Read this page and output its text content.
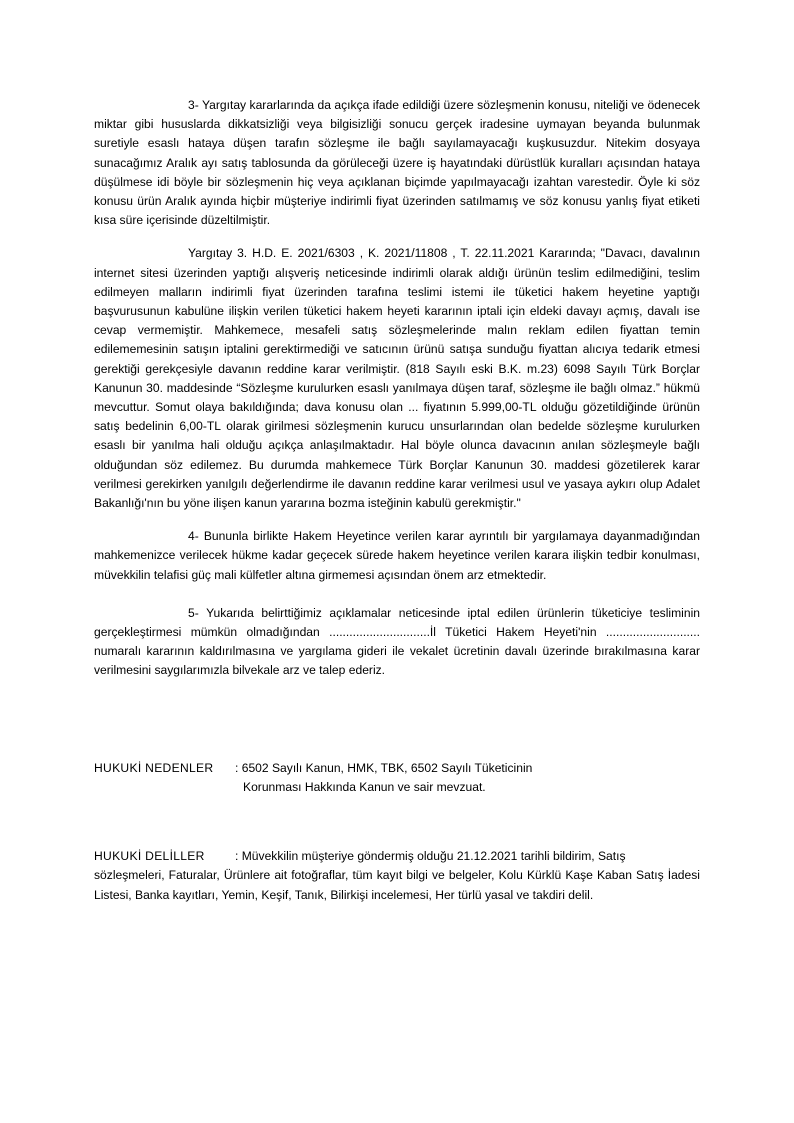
3- Yargıtay kararlarında da açıkça ifade edildiği üzere sözleşmenin konusu, niteliği ve ödenecek miktar gibi hususlarda dikkatsizliği veya bilgisizliği sonucu gerçek iradesine uymayan beyanda bulunmak suretiyle esaslı hataya düşen tarafın sözleşme ile bağlı sayılamayacağı kuşkusuzdur. Nitekim dosyaya sunacağımız Aralık ayı satış tablosunda da görüleceği üzere iş hayatındaki dürüstlük kuralları açısından hataya düşülmese idi böyle bir sözleşmenin hiç veya açıklanan biçimde yapılmayacağı izahtan varestedir. Öyle ki söz konusu ürün Aralık ayında hiçbir müşteriye indirimli fiyat üzerinden satılmamış ve söz konusu yanlış fiyat etiketi kısa süre içerisinde düzeltilmiştir.

Yargıtay 3. H.D. E. 2021/6303 , K. 2021/11808 , T. 22.11.2021 Kararında; "Davacı, davalının internet sitesi üzerinden yaptığı alışveriş neticesinde indirimli olarak aldığı ürünün teslim edilmediğini, teslim edilmeyen malların indirimli fiyat üzerinden tarafına teslimi istemi ile tüketici hakem heyetine yaptığı başvurusunun kabulüne ilişkin verilen tüketici hakem heyeti kararının iptali için eldeki davayı açmış, davalı ise cevap vermemiştir. Mahkemece, mesafeli satış sözleşmelerinde malın reklam edilen fiyattan temin edilememesinin satışın iptalini gerektirmediği ve satıcının ürünü satışa sunduğu fiyattan alıcıya tedarik etmesi gerektiği gerekçesiyle davanın reddine karar verilmiştir. (818 Sayılı eski B.K. m.23) 6098 Sayılı Türk Borçlar Kanunun 30. maddesinde “Sözleşme kurulurken esaslı yanılmaya düşen taraf, sözleşme ile bağlı olmaz.” hükmü mevcuttur. Somut olaya bakıldığında; dava konusu olan ... fiyatının 5.999,00-TL olduğu gözetildiğinde ürünün satış bedelinin 6,00-TL olarak girilmesi sözleşmenin kurucu unsurlarından olan bedelde sözleşme kurulurken esaslı bir yanılma hali olduğu açıkça anlaşılmaktadır. Hal böyle olunca davacının anılan sözleşmeyle bağlı olduğundan söz edilemez. Bu durumda mahkemece Türk Borçlar Kanunun 30. maddesi gözetilerek karar verilmesi gerekirken yanılgılı değerlendirme ile davanın reddine karar verilmesi usul ve yasaya aykırı olup Adalet Bakanlığı'nın bu yöne ilişen kanun yararına bozma isteğinin kabulü gerekmiştir."

4- Bununla birlikte Hakem Heyetince verilen karar ayrıntılı bir yargılamaya dayanmadığından mahkemenizce verilecek hükme kadar geçecek sürede hakem heyetince verilen karara ilişkin tedbir konulması, müvekkilin telafisi güç mali külfetler altına girmemesi açısından önem arz etmektedir.

5- Yukarıda belirttiğimiz açıklamalar neticesinde iptal edilen ürünlerin tüketiciye tesliminin gerçekleştirmesi mümkün olmadığından ..............................İl Tüketici Hakem Heyeti'nin ............................ numaralı kararının kaldırılmasına ve yargılama gideri ile vekalet ücretinin davalı üzerinde bırakılmasına karar verilmesini saygılarımızla bilvekale arz ve talep ederiz.

HUKUKİ NEDENLER	: 6502 Sayılı Kanun, HMK, TBK, 6502 Sayılı Tüketicinin
Korunması Hakkında Kanun ve sair mevzuat.
HUKUKİ DELİLLER	: Müvekkilin müşteriye göndermiş olduğu 21.12.2021 tarihli bildirim, Satış

sözleşmeleri, Faturalar, Ürünlere ait fotoğraflar, tüm kayıt bilgi ve belgeler, Kolu Kürklü Kaşe Kaban Satış İadesi Listesi, Banka kayıtları, Yemin, Keşif, Tanık, Bilirkişi incelemesi, Her türlü yasal ve takdiri delil.
